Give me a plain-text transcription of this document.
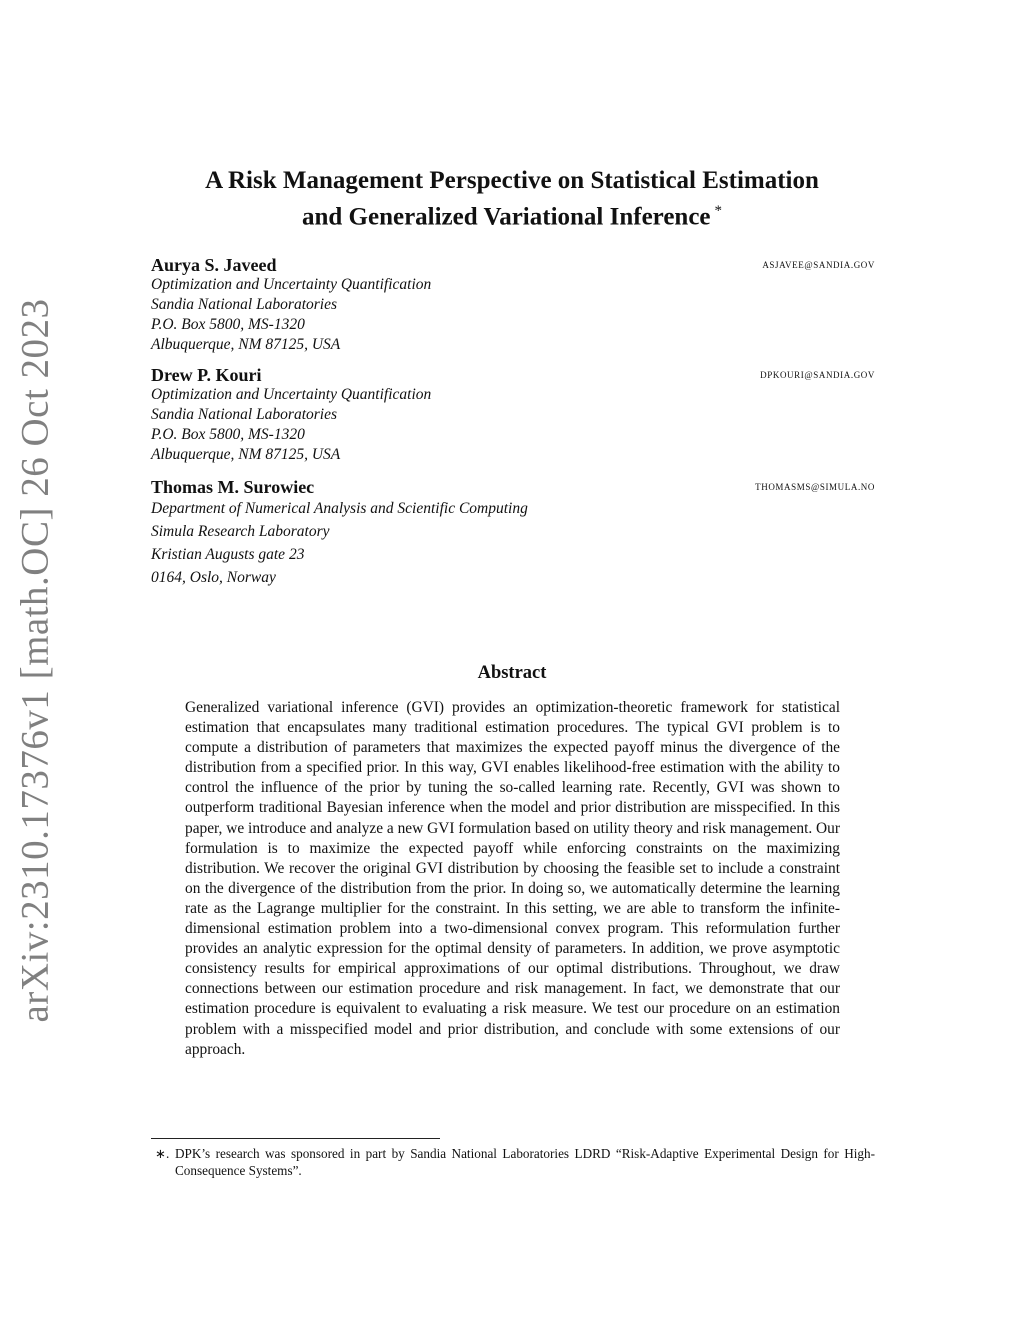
arXiv:2310.17376v1 [math.OC] 26 Oct 2023
A Risk Management Perspective on Statistical Estimation
and Generalized Variational Inference *
Aurya S. Javeed	asjavee@sandia.gov
Optimization and Uncertainty Quantification
Sandia National Laboratories
P.O. Box 5800, MS-1320
Albuquerque, NM 87125, USA
Drew P. Kouri	dpkouri@sandia.gov
Optimization and Uncertainty Quantification
Sandia National Laboratories
P.O. Box 5800, MS-1320
Albuquerque, NM 87125, USA
Thomas M. Surowiec	thomasms@simula.no
Department of Numerical Analysis and Scientific Computing
Simula Research Laboratory
Kristian Augusts gate 23
0164, Oslo, Norway
Abstract
Generalized variational inference (GVI) provides an optimization-theoretic framework for statistical estimation that encapsulates many traditional estimation procedures. The typical GVI problem is to compute a distribution of parameters that maximizes the expected payoff minus the divergence of the distribution from a specified prior. In this way, GVI enables likelihood-free estimation with the ability to control the influence of the prior by tuning the so-called learning rate. Recently, GVI was shown to outperform traditional Bayesian inference when the model and prior distribution are misspecified. In this paper, we introduce and analyze a new GVI formulation based on utility theory and risk management. Our formulation is to maximize the expected payoff while enforcing constraints on the maximizing distribution. We recover the original GVI distribution by choosing the feasible set to include a constraint on the divergence of the distribution from the prior. In doing so, we automatically determine the learning rate as the Lagrange multiplier for the constraint. In this setting, we are able to transform the infinite-dimensional estimation problem into a two-dimensional convex program. This reformulation further provides an analytic expression for the optimal density of parameters. In addition, we prove asymptotic consistency results for empirical approximations of our optimal distributions. Throughout, we draw connections between our estimation procedure and risk management. In fact, we demonstrate that our estimation procedure is equivalent to evaluating a risk measure. We test our procedure on an estimation problem with a misspecified model and prior distribution, and conclude with some extensions of our approach.
∗. DPK’s research was sponsored in part by Sandia National Laboratories LDRD “Risk-Adaptive Experimental Design for High-Consequence Systems”.
